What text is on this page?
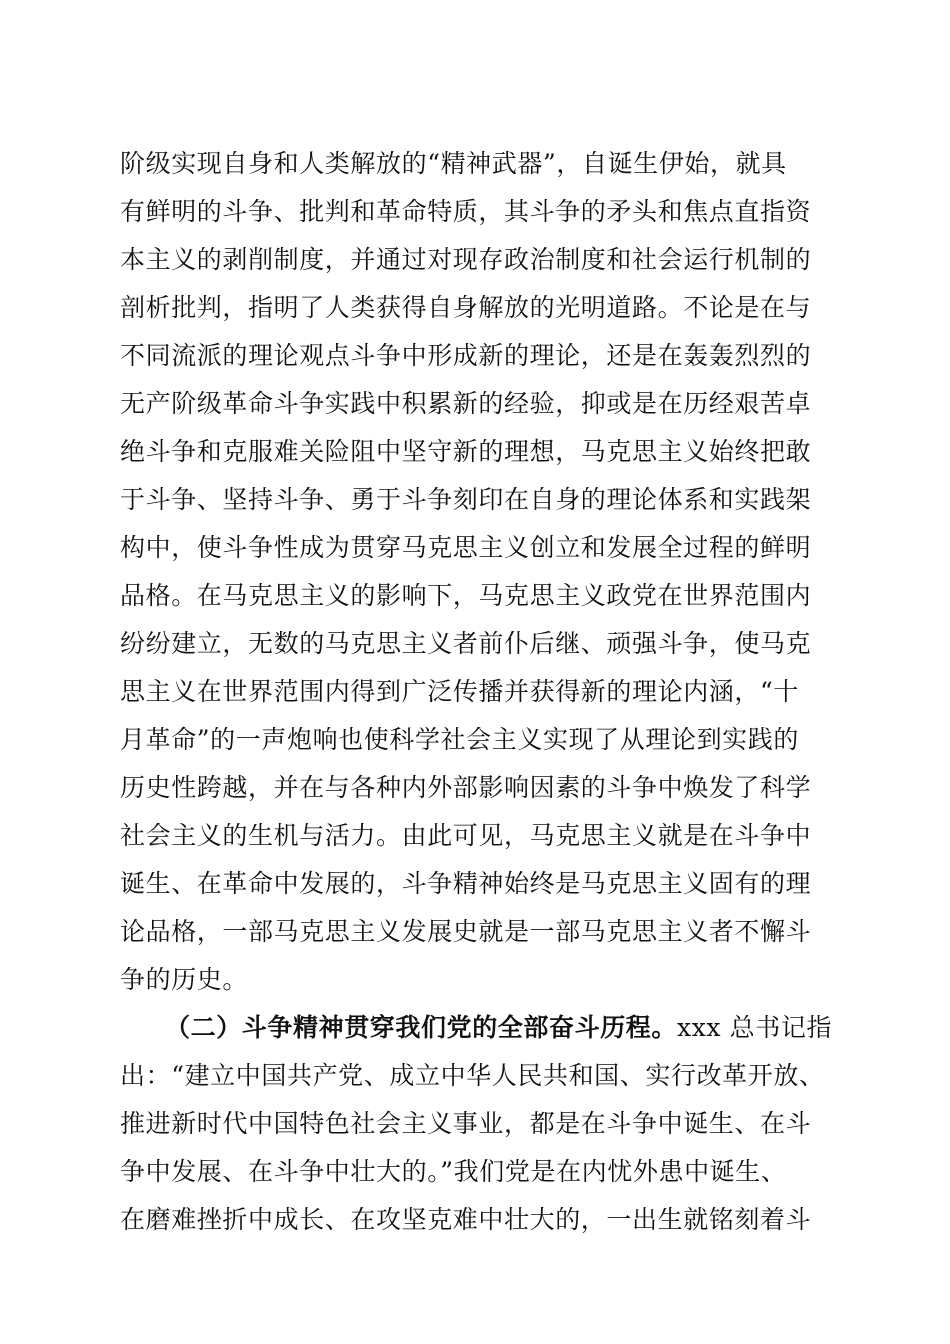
阶级实现自身和人类解放的“精神武器”，自诞生伊始，就具
有鲜明的斗争、批判和革命特质，其斗争的矛头和焦点直指资
本主义的剥削制度，并通过对现存政治制度和社会运行机制的
剖析批判，指明了人类获得自身解放的光明道路。不论是在与
不同流派的理论观点斗争中形成新的理论，还是在轰轰烈烈的
无产阶级革命斗争实践中积累新的经验，抑或是在历经艰苦卓
绝斗争和克服难关险阻中坚守新的理想，马克思主义始终把敢
于斗争、坚持斗争、勇于斗争刻印在自身的理论体系和实践架
构中，使斗争性成为贯穿马克思主义创立和发展全过程的鲜明
品格。在马克思主义的影响下，马克思主义政党在世界范围内
纷纷建立，无数的马克思主义者前仆后继、顽强斗争，使马克
思主义在世界范围内得到广泛传播并获得新的理论内涵，“十
月革命”的一声炮响也使科学社会主义实现了从理论到实践的
历史性跨越，并在与各种内外部影响因素的斗争中焕发了科学
社会主义的生机与活力。由此可见，马克思主义就是在斗争中
诞生、在革命中发展的，斗争精神始终是马克思主义固有的理
论品格，一部马克思主义发展史就是一部马克思主义者不懈斗
争的历史。
（二）斗争精神贯穿我们党的全部奋斗历程。xxx 总书记指
出：“建立中国共产党、成立中华人民共和国、实行改革开放、
推进新时代中国特色社会主义事业，都是在斗争中诞生、在斗
争中发展、在斗争中壮大的。”我们党是在内忧外患中诞生、
在磨难挫折中成长、在攻坚克难中壮大的，一出生就铭刻着斗
